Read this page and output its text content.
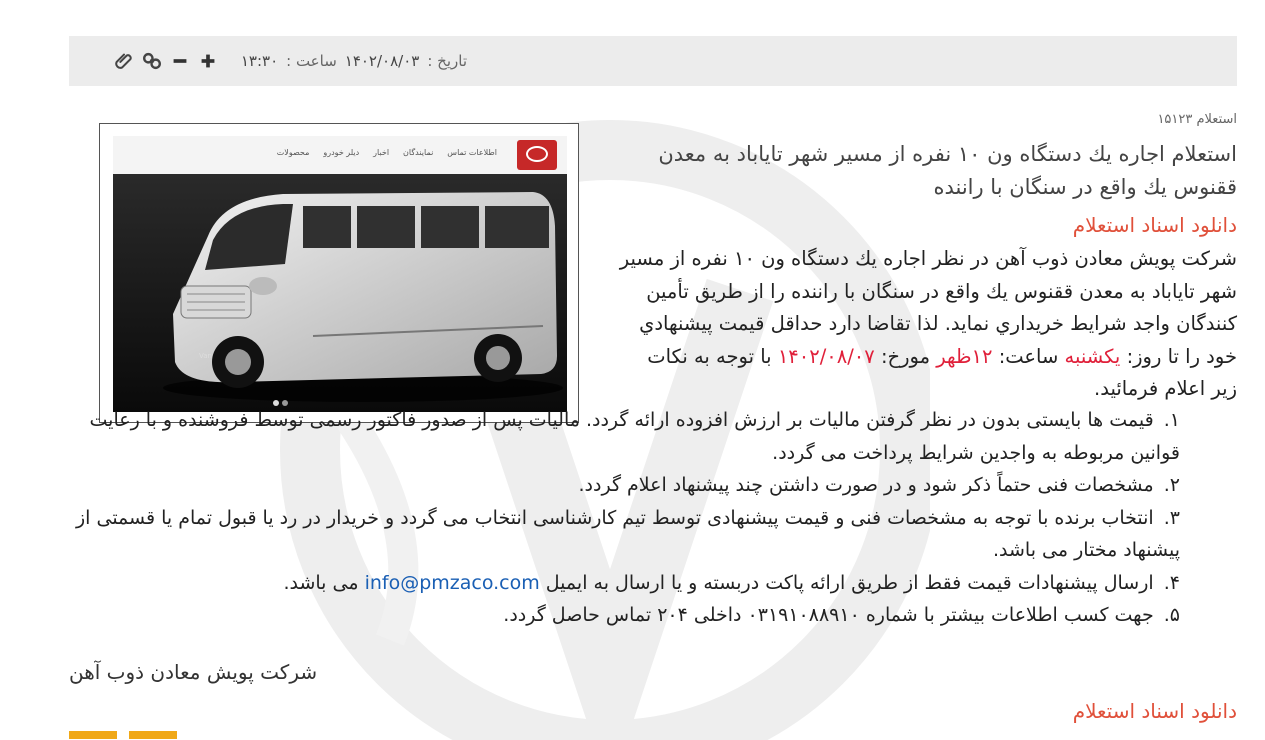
تاریخ :
۱۴۰۲/۰۸/۰۳
ساعت :
۱۳:۳۰
استعلام ۱۵۱۲۳
استعلام اجاره يك دستگاه ون ۱۰ نفره از مسير شهر تاياباد به معدن ققنوس يك واقع در سنگان با راننده
دانلود اسناد استعلام
شركت پويش معادن ذوب آهن در نظر اجاره يك دستگاه ون ۱۰ نفره از مسير شهر تاياباد به معدن ققنوس يك واقع در سنگان با راننده را از طريق تأمين كنندگان واجد شرايط خريداري نمايد. لذا تقاضا دارد حداقل قيمت پيشنهادي خود را تا روز: يكشنبه ساعت: ۱۲ظهر مورخ: ۱۴۰۲/۰۸/۰۷ با توجه به نكات زير اعلام فرمائيد.
اطلاعات تماس
نمایندگان
اخبار
دیلر خودرو
محصولات
Van
۱. قیمت ها بایستی بدون در نظر گرفتن مالیات بر ارزش افزوده ارائه گردد. مالیات پس از صدور فاکتور رسمی توسط فروشنده و با رعایت قوانین مربوطه به واجدین شرایط پرداخت می گردد.
۲. مشخصات فنی حتماً ذکر شود و در صورت داشتن چند پیشنهاد اعلام گردد.
۳. انتخاب برنده با توجه به مشخصات فنی و قیمت پیشنهادی توسط تیم کارشناسی انتخاب می گردد و خریدار در رد یا قبول تمام یا قسمتی از پیشنهاد مختار می باشد.
۴. ارسال پیشنهادات قیمت فقط از طریق ارائه پاکت دربسته و یا ارسال به ایمیل info@pmzaco.com می باشد.
۵. جهت کسب اطلاعات بیشتر با شماره ۰۳۱۹۱۰۸۸۹۱۰ داخلی ۲۰۴ تماس حاصل گردد.
شرکت پویش معادن ذوب آهن
دانلود اسناد استعلام
